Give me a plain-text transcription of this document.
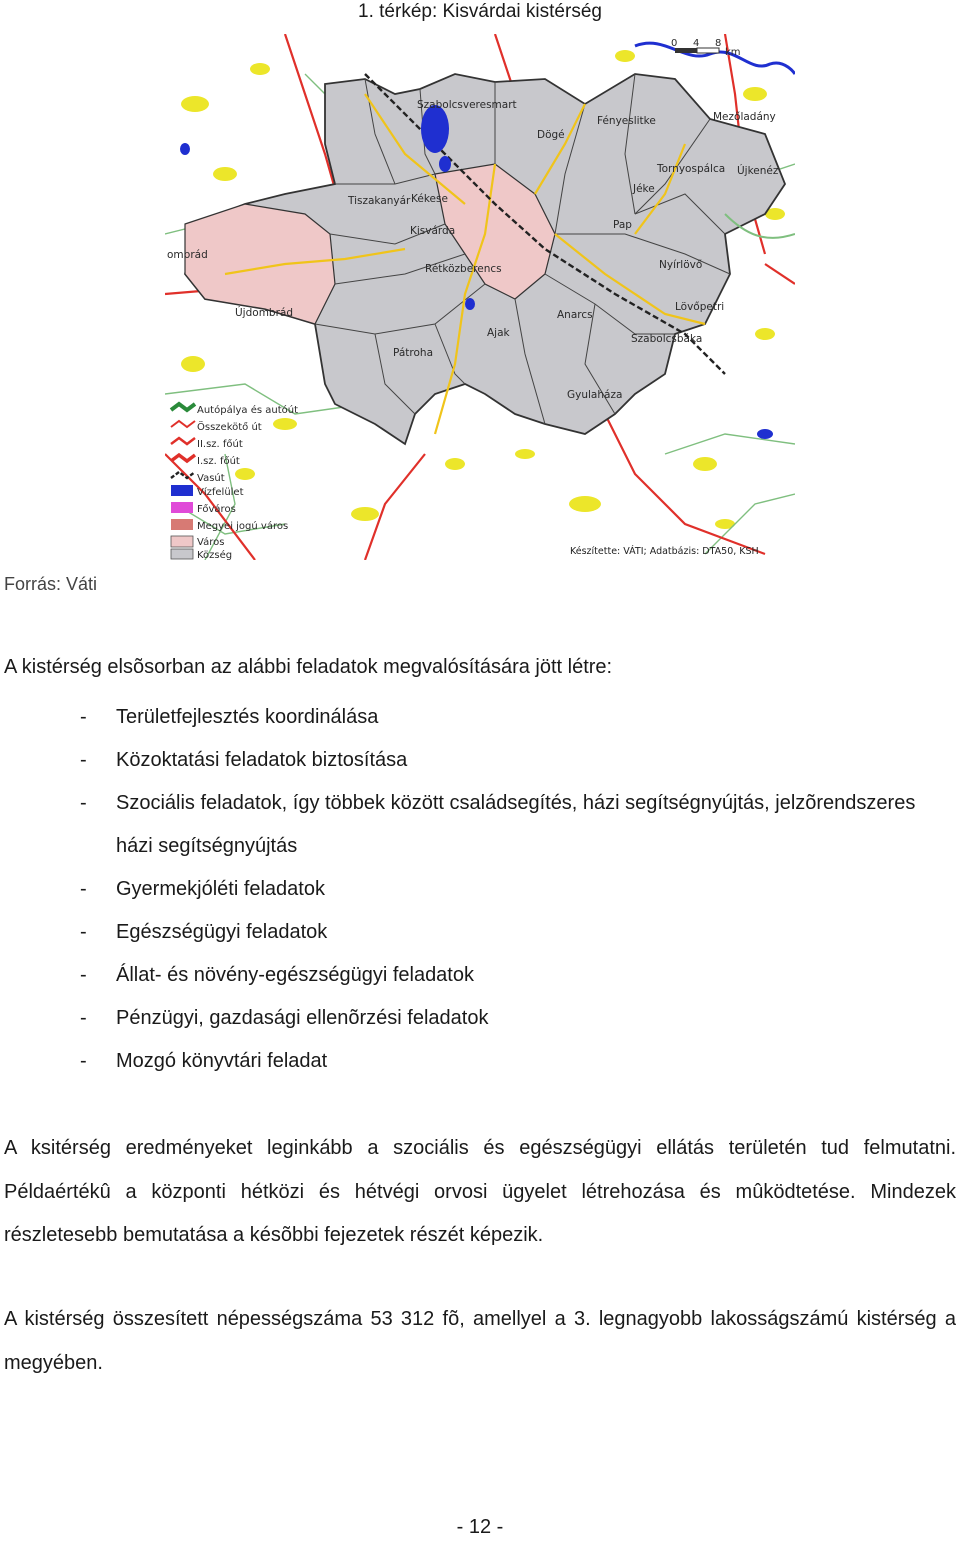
1. térkép: Kisvárdai kistérség
0 4 8
km
Szabolcsveresmart
Fényeslitke	Mezőladány
Dögé
Tornyospálca Újkenéz
Jéke
Tiszakanyár Kékese
Kisvárda	Pap
ombrád
Rétközberencs	Nyírlövő
Lövőpetri
Újdombrád	Anarcs
Ajak	Szabolcsbáka
Pátroha
Gyulaháza
Autópálya és autóút
Összekötő út
II.sz. főút
I.sz. főút
Vasút
Vízfelület
Főváros
Megyei jogú város
Város
Község	Készítette: VÁTI; Adatbázis: DTA50, KSH
Forrás: Váti
A kistérség elsõsorban az alábbi feladatok megvalósítására jött létre:
- Területfejlesztés koordinálása
- Közoktatási feladatok biztosítása
- Szociális feladatok, így többek között családsegítés, házi segítségnyújtás, jelzõrendszeres házi segítségnyújtás
- Gyermekjóléti feladatok
- Egészségügyi feladatok
- Állat- és növény-egészségügyi feladatok
- Pénzügyi, gazdasági ellenõrzési feladatok
- Mozgó könyvtári feladat

A ksitérség eredményeket leginkább a szociális és egészségügyi ellátás területén tud felmutatni. Példaértékû a központi hétközi és hétvégi orvosi ügyelet létrehozása és mûködtetése. Mindezek részletesebb bemutatása a késõbbi fejezetek részét képezik.

A kistérség összesített népességszáma 53 312 fõ, amellyel a 3. legnagyobb lakosságszámú kistérség a megyében.

- 12 -
